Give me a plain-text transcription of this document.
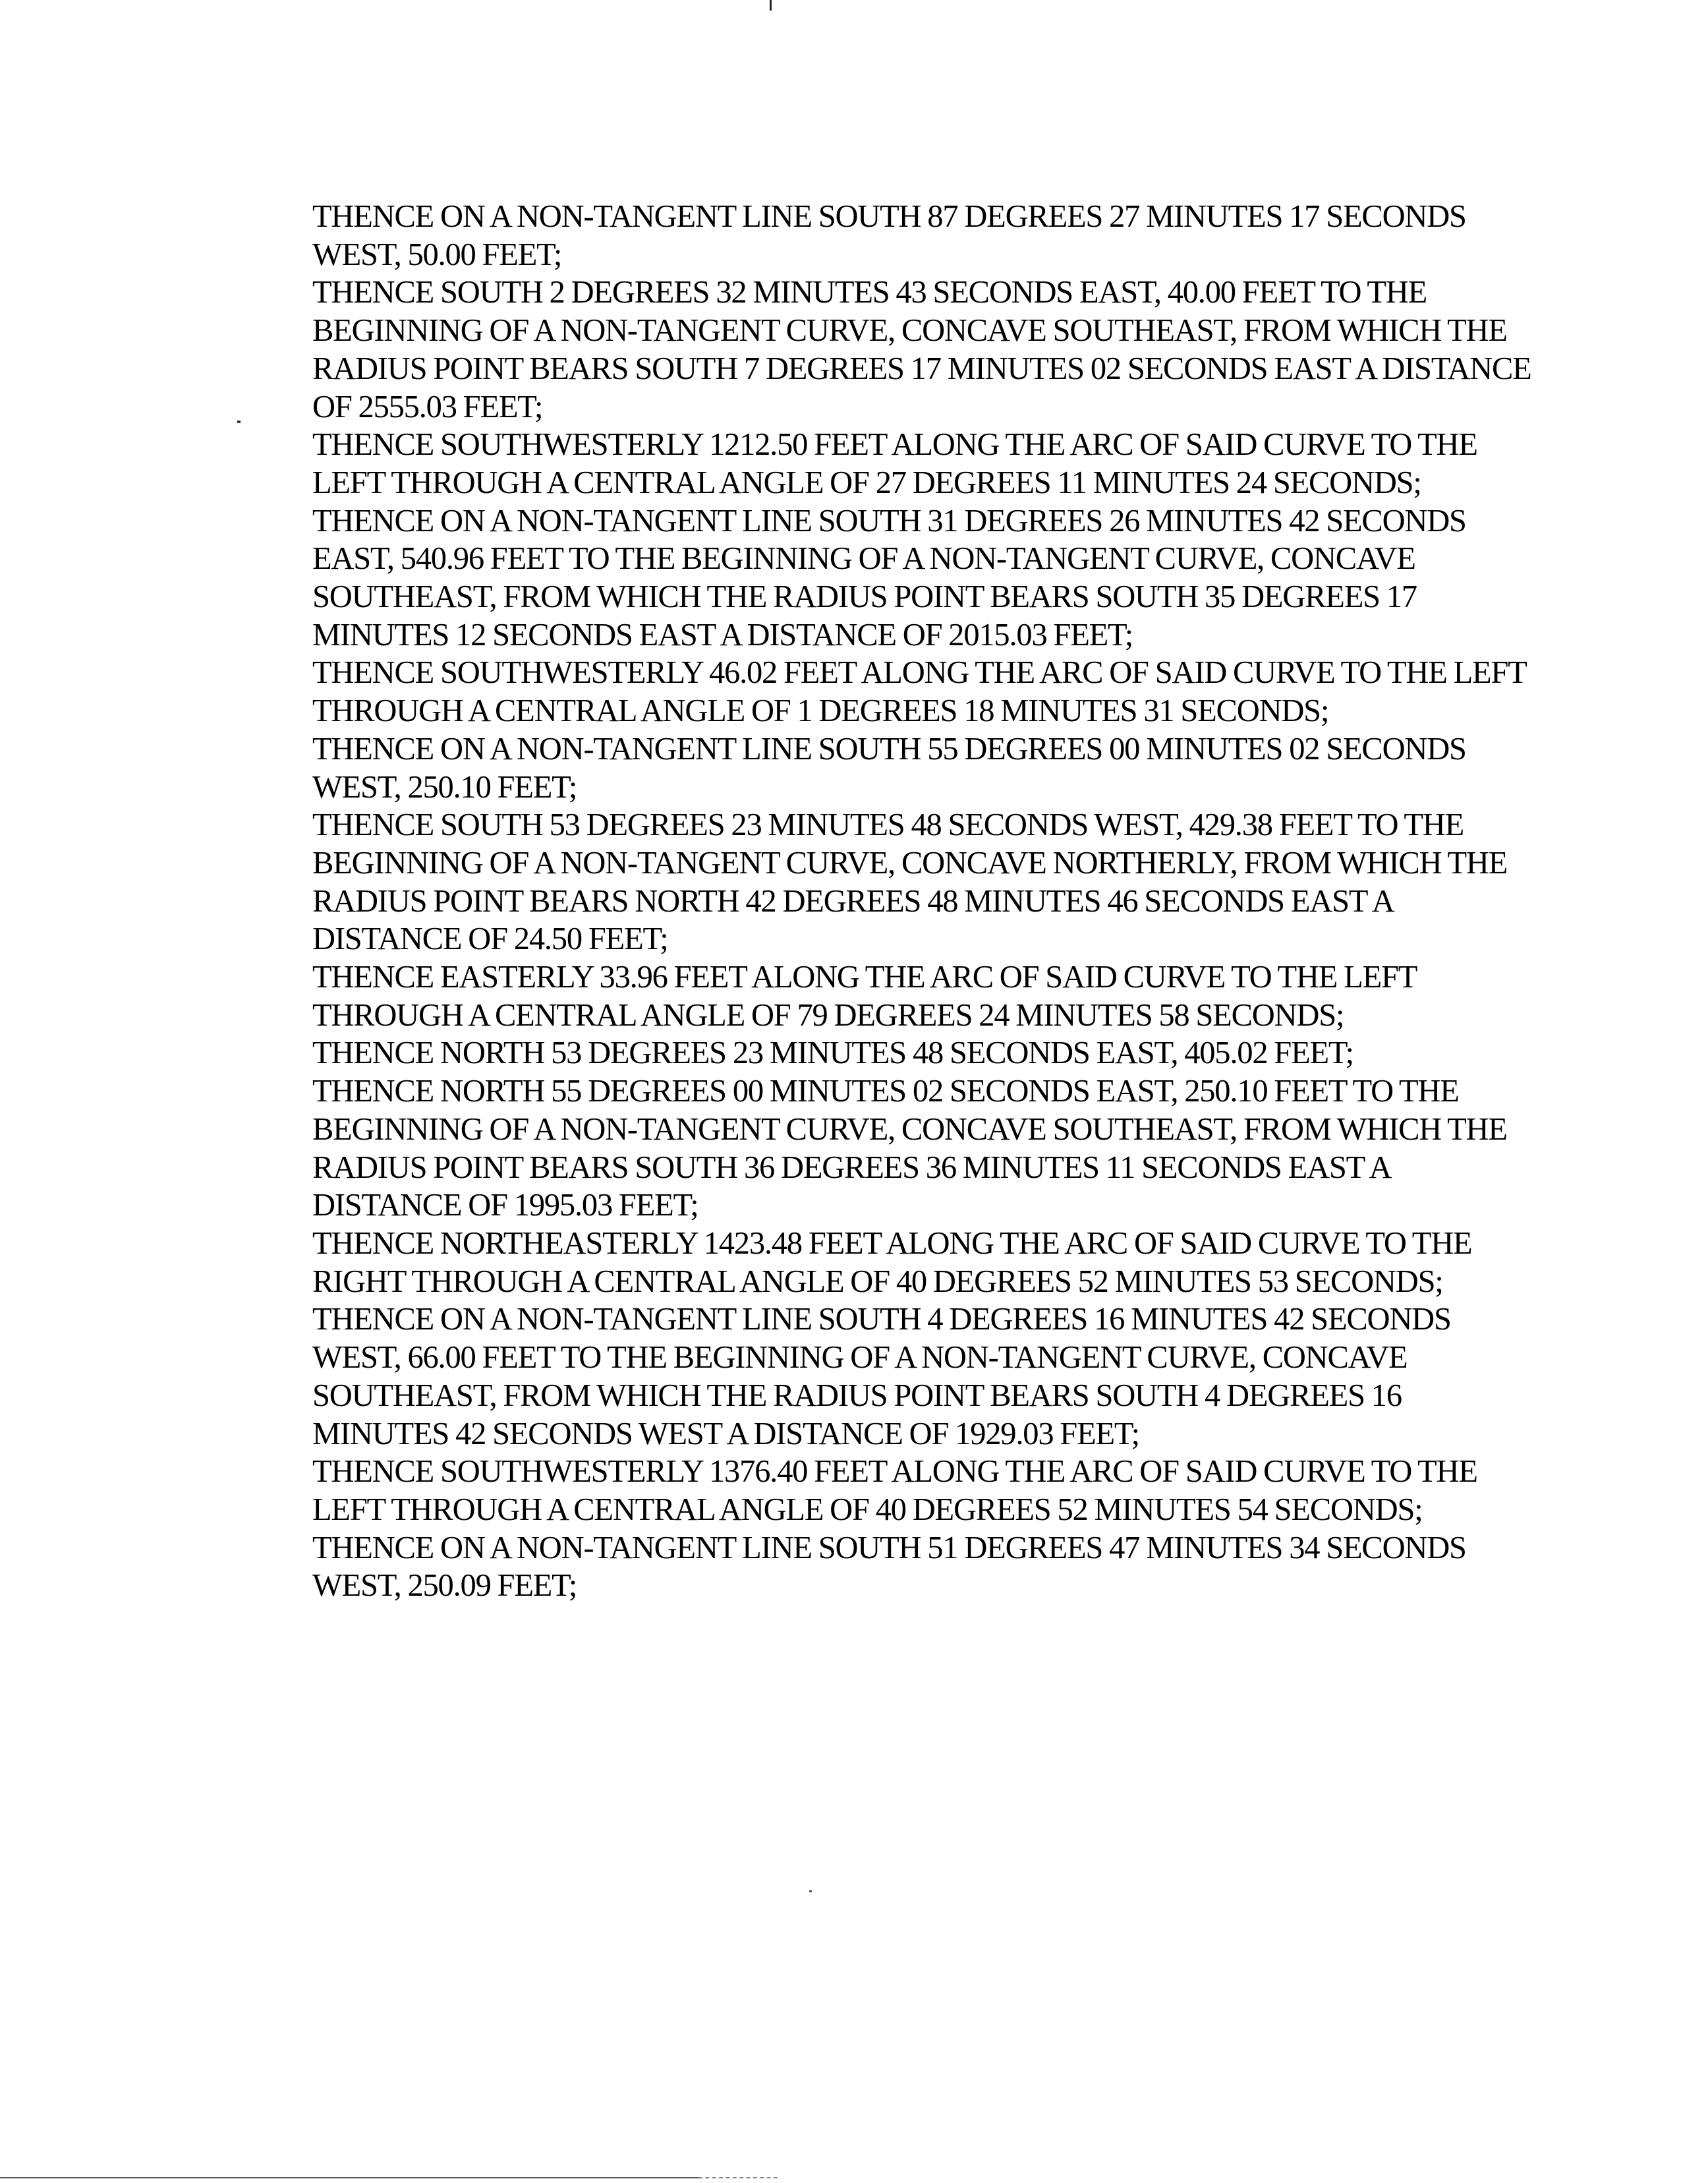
THENCE ON A NON-TANGENT LINE SOUTH 87 DEGREES 27 MINUTES 17 SECONDS WEST, 50.00 FEET;

THENCE SOUTH 2 DEGREES 32 MINUTES 43 SECONDS EAST, 40.00 FEET TO THE BEGINNING OF A NON-TANGENT CURVE, CONCAVE SOUTHEAST, FROM WHICH THE RADIUS POINT BEARS SOUTH 7 DEGREES 17 MINUTES 02 SECONDS EAST A DISTANCE OF 2555.03 FEET;

THENCE SOUTHWESTERLY 1212.50 FEET ALONG THE ARC OF SAID CURVE TO THE LEFT THROUGH A CENTRAL ANGLE OF 27 DEGREES 11 MINUTES 24 SECONDS;

THENCE ON A NON-TANGENT LINE SOUTH 31 DEGREES 26 MINUTES 42 SECONDS EAST, 540.96 FEET TO THE BEGINNING OF A NON-TANGENT CURVE, CONCAVE SOUTHEAST, FROM WHICH THE RADIUS POINT BEARS SOUTH 35 DEGREES 17 MINUTES 12 SECONDS EAST A DISTANCE OF 2015.03 FEET;

THENCE SOUTHWESTERLY 46.02 FEET ALONG THE ARC OF SAID CURVE TO THE LEFT THROUGH A CENTRAL ANGLE OF 1 DEGREES 18 MINUTES 31 SECONDS;

THENCE ON A NON-TANGENT LINE SOUTH 55 DEGREES 00 MINUTES 02 SECONDS WEST, 250.10 FEET;

THENCE SOUTH 53 DEGREES 23 MINUTES 48 SECONDS WEST, 429.38 FEET TO THE BEGINNING OF A NON-TANGENT CURVE, CONCAVE NORTHERLY, FROM WHICH THE RADIUS POINT BEARS NORTH 42 DEGREES 48 MINUTES 46 SECONDS EAST A DISTANCE OF 24.50 FEET;

THENCE EASTERLY 33.96 FEET ALONG THE ARC OF SAID CURVE TO THE LEFT THROUGH A CENTRAL ANGLE OF 79 DEGREES 24 MINUTES 58 SECONDS;

THENCE NORTH 53 DEGREES 23 MINUTES 48 SECONDS EAST, 405.02 FEET;

THENCE NORTH 55 DEGREES 00 MINUTES 02 SECONDS EAST, 250.10 FEET TO THE BEGINNING OF A NON-TANGENT CURVE, CONCAVE SOUTHEAST, FROM WHICH THE RADIUS POINT BEARS SOUTH 36 DEGREES 36 MINUTES 11 SECONDS EAST A DISTANCE OF 1995.03 FEET;

THENCE NORTHEASTERLY 1423.48 FEET ALONG THE ARC OF SAID CURVE TO THE RIGHT THROUGH A CENTRAL ANGLE OF 40 DEGREES 52 MINUTES 53 SECONDS;

THENCE ON A NON-TANGENT LINE SOUTH 4 DEGREES 16 MINUTES 42 SECONDS WEST, 66.00 FEET TO THE BEGINNING OF A NON-TANGENT CURVE, CONCAVE SOUTHEAST, FROM WHICH THE RADIUS POINT BEARS SOUTH 4 DEGREES 16 MINUTES 42 SECONDS WEST A DISTANCE OF 1929.03 FEET;

THENCE SOUTHWESTERLY 1376.40 FEET ALONG THE ARC OF SAID CURVE TO THE LEFT THROUGH A CENTRAL ANGLE OF 40 DEGREES 52 MINUTES 54 SECONDS;

THENCE ON A NON-TANGENT LINE SOUTH 51 DEGREES 47 MINUTES 34 SECONDS WEST, 250.09 FEET;
